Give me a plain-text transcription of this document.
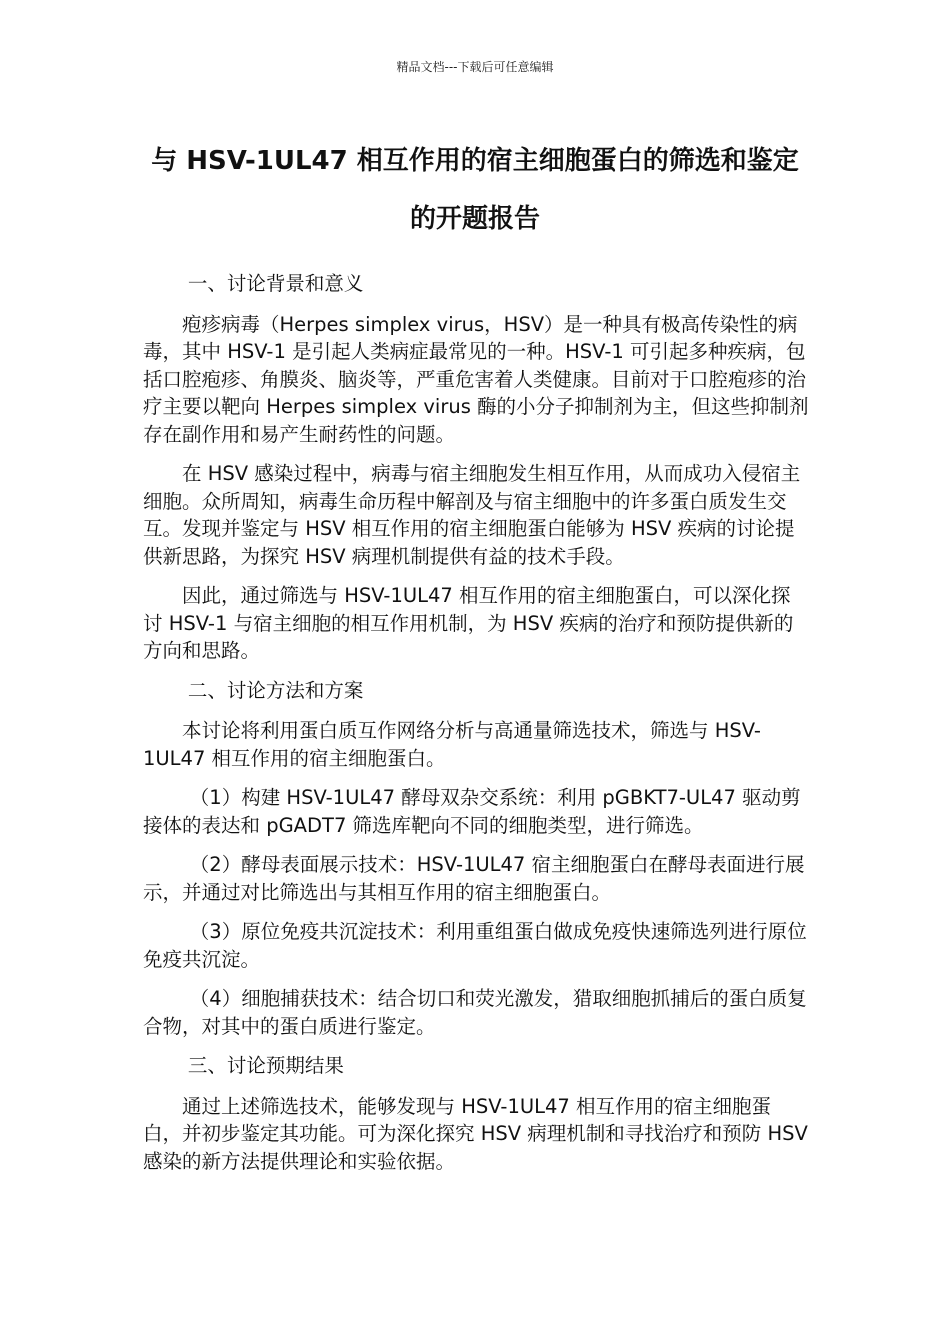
精品文档---下载后可任意编辑
与 HSV-1UL47 相互作用的宿主细胞蛋白的筛选和鉴定的开题报告

一、讨论背景和意义

疱疹病毒（Herpes simplex virus，HSV）是一种具有极高传染性的病毒，其中 HSV-1 是引起人类病症最常见的一种。HSV-1 可引起多种疾病，包括口腔疱疹、角膜炎、脑炎等，严重危害着人类健康。目前对于口腔疱疹的治疗主要以靶向 Herpes simplex virus 酶的小分子抑制剂为主，但这些抑制剂存在副作用和易产生耐药性的问题。

在 HSV 感染过程中，病毒与宿主细胞发生相互作用，从而成功入侵宿主细胞。众所周知，病毒生命历程中解剖及与宿主细胞中的许多蛋白质发生交互。发现并鉴定与 HSV 相互作用的宿主细胞蛋白能够为 HSV 疾病的讨论提供新思路，为探究 HSV 病理机制提供有益的技术手段。

因此，通过筛选与 HSV-1UL47 相互作用的宿主细胞蛋白，可以深化探讨 HSV-1 与宿主细胞的相互作用机制，为 HSV 疾病的治疗和预防提供新的方向和思路。

二、讨论方法和方案

本讨论将利用蛋白质互作网络分析与高通量筛选技术，筛选与 HSV-1UL47 相互作用的宿主细胞蛋白。

（1）构建 HSV-1UL47 酵母双杂交系统：利用 pGBKT7-UL47 驱动剪接体的表达和 pGADT7 筛选库靶向不同的细胞类型，进行筛选。

（2）酵母表面展示技术：HSV-1UL47 宿主细胞蛋白在酵母表面进行展示，并通过对比筛选出与其相互作用的宿主细胞蛋白。

（3）原位免疫共沉淀技术：利用重组蛋白做成免疫快速筛选列进行原位免疫共沉淀。

（4）细胞捕获技术：结合切口和荧光激发，猎取细胞抓捕后的蛋白质复合物，对其中的蛋白质进行鉴定。

三、讨论预期结果

通过上述筛选技术，能够发现与 HSV-1UL47 相互作用的宿主细胞蛋白，并初步鉴定其功能。可为深化探究 HSV 病理机制和寻找治疗和预防 HSV 感染的新方法提供理论和实验依据。
